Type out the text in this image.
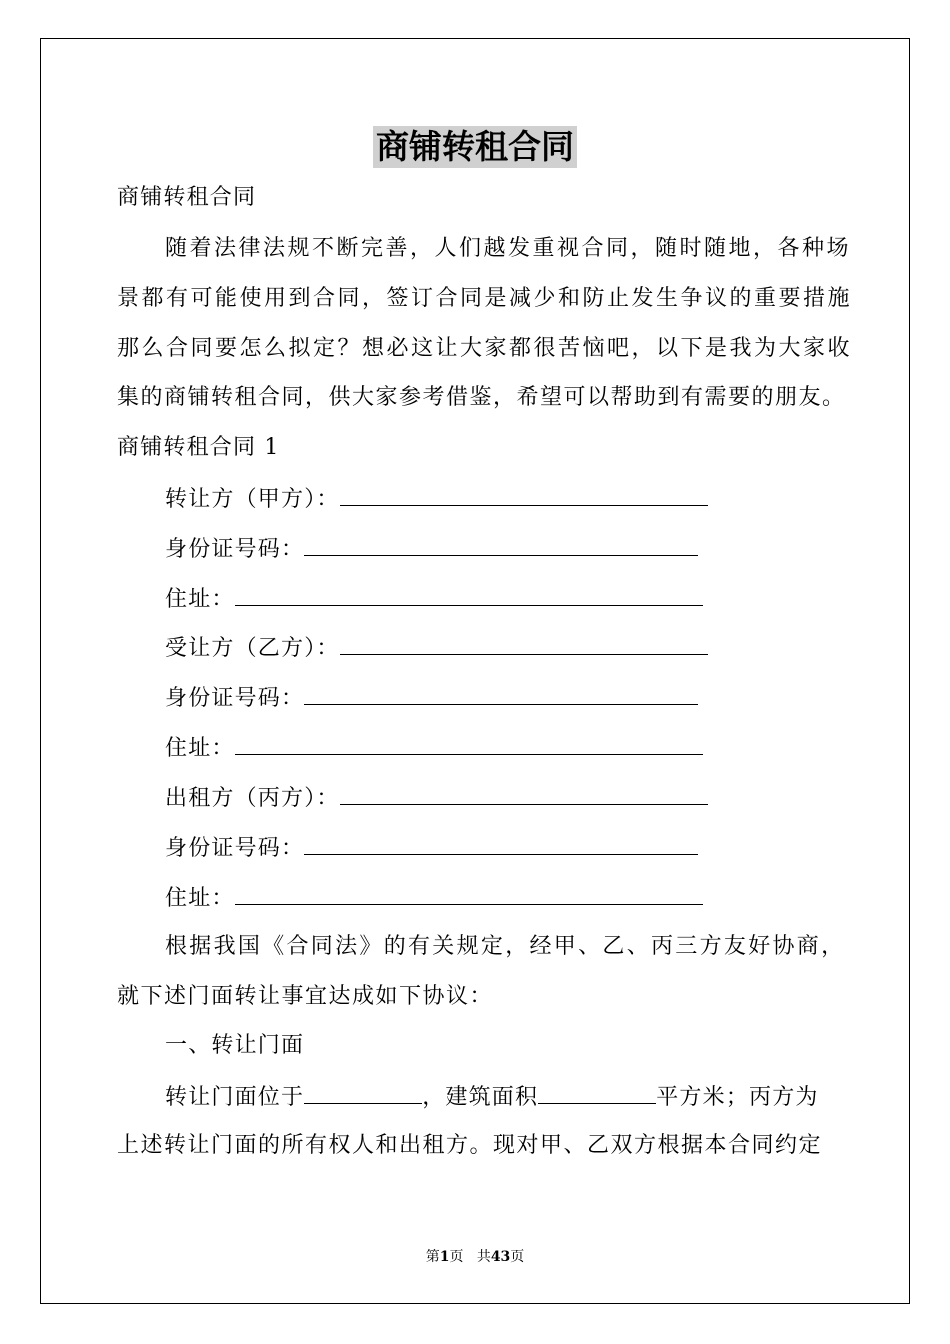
商铺转租合同
商铺转租合同
随着法律法规不断完善，人们越发重视合同，随时随地，各种场
景都有可能使用到合同，签订合同是减少和防止发生争议的重要措施
那么合同要怎么拟定？想必这让大家都很苦恼吧，以下是我为大家收
集的商铺转租合同，供大家参考借鉴，希望可以帮助到有需要的朋友。
商铺转租合同 1
转让方（甲方）：
身份证号码：
住址：
受让方（乙方）：
身份证号码：
住址：
出租方（丙方）：
身份证号码：
住址：
根据我国《合同法》的有关规定，经甲、乙、丙三方友好协商，
就下述门面转让事宜达成如下协议：
一、转让门面
转让门面位于	，建筑面积	平方米；丙方为
上述转让门面的所有权人和出租方。现对甲、乙双方根据本合同约定
第1页 共43页
